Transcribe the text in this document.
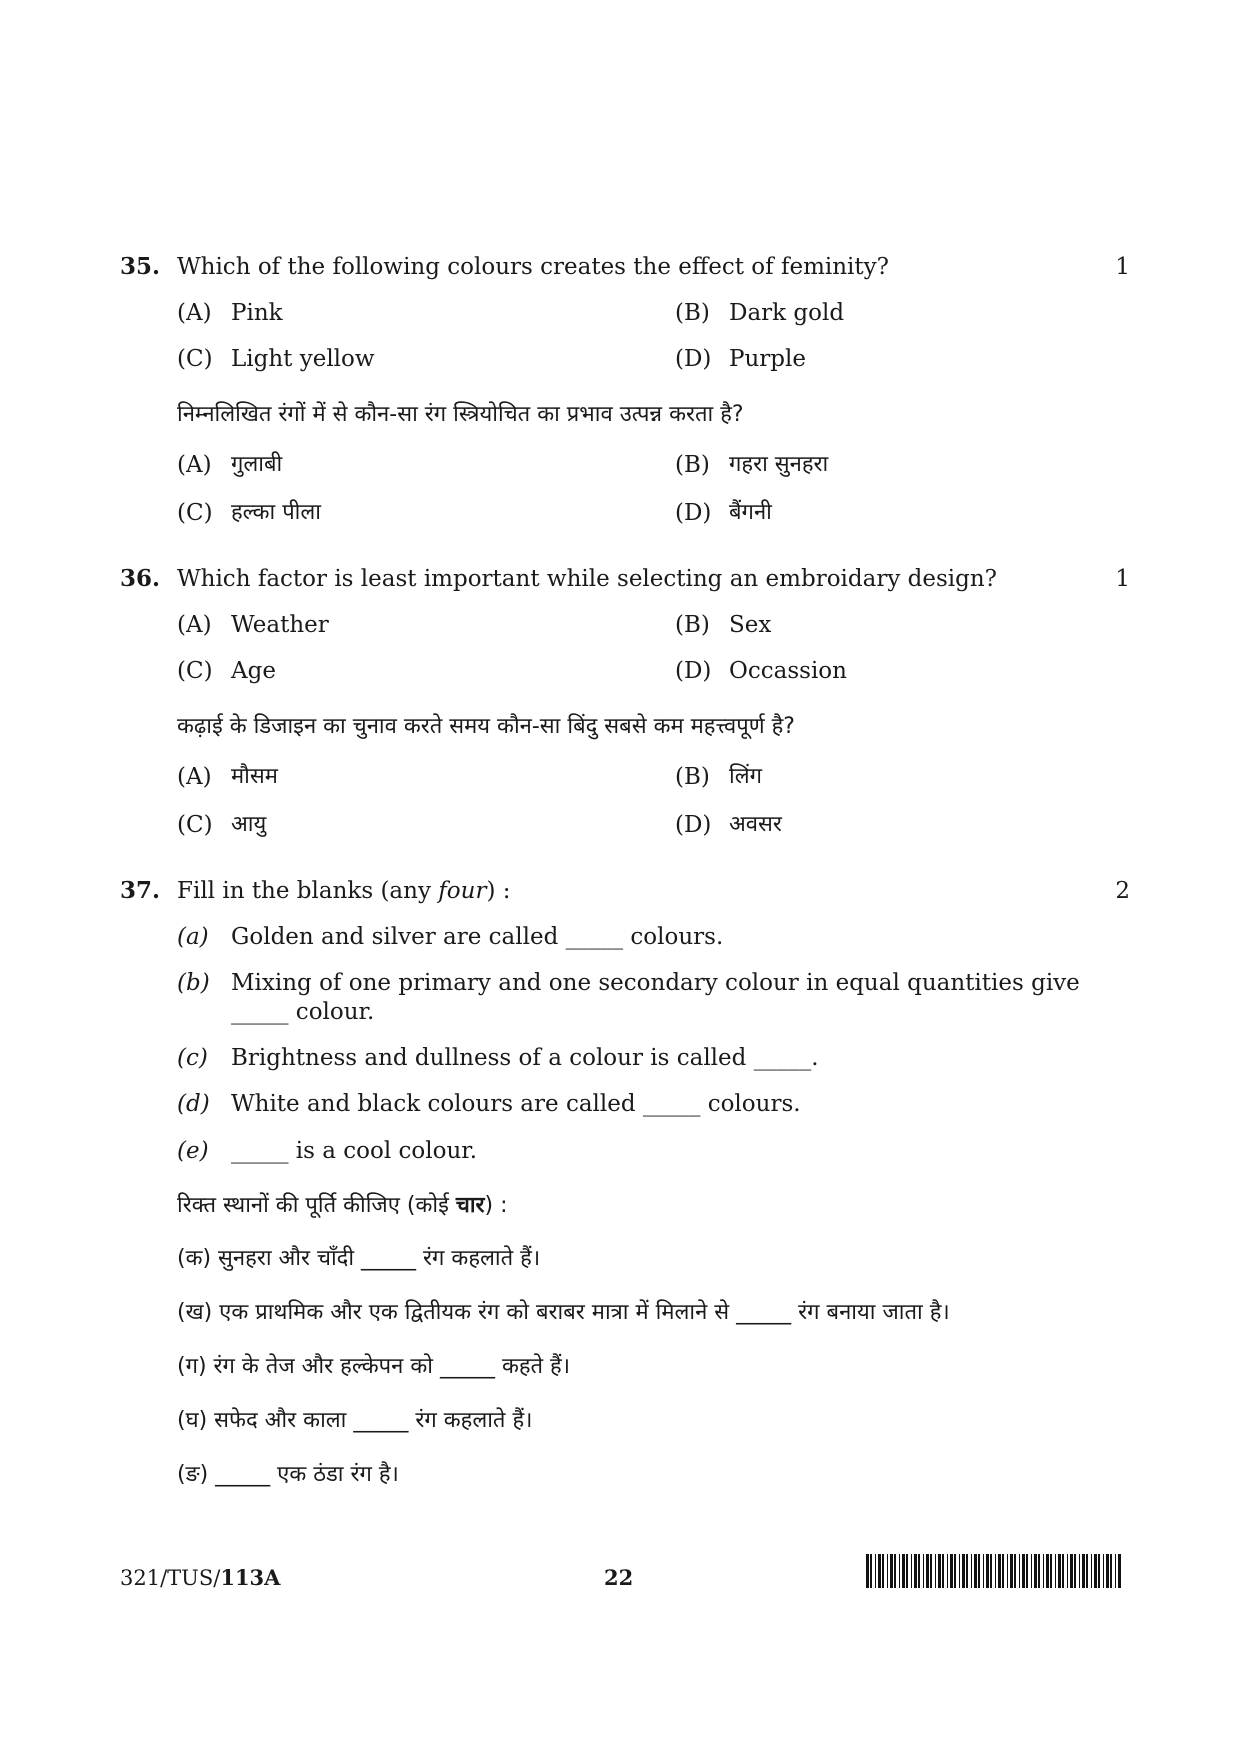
35. Which of the following colours creates the effect of feminity?	1
(A) Pink	(B) Dark gold
(C) Light yellow	(D) Purple
निम्नलिखित रंगों में से कौन-सा रंग स्त्रियोचित का प्रभाव उत्पन्न करता है?
(A) गुलाबी	(B) गहरा सुनहरा
(C) हल्का पीला	(D) बैंगनी
36. Which factor is least important while selecting an embroidary design?	1
(A) Weather	(B) Sex
(C) Age	(D) Occassion
कढ़ाई के डिजाइन का चुनाव करते समय कौन-सा बिंदु सबसे कम महत्त्वपूर्ण है?
(A) मौसम	(B) लिंग
(C) आयु	(D) अवसर
37. Fill in the blanks (any four) :	2
(a) Golden and silver are called _____ colours.
(b) Mixing of one primary and one secondary colour in equal quantities give _____ colour.
(c) Brightness and dullness of a colour is called _____.
(d) White and black colours are called _____ colours.
(e) _____ is a cool colour.
रिक्त स्थानों की पूर्ति कीजिए (कोई चार) :
(क) सुनहरा और चाँदी _____ रंग कहलाते हैं।
(ख) एक प्राथमिक और एक द्वितीयक रंग को बराबर मात्रा में मिलाने से _____ रंग बनाया जाता है।
(ग) रंग के तेज और हल्केपन को _____ कहते हैं।
(घ) सफेद और काला _____ रंग कहलाते हैं।
(ङ) _____ एक ठंडा रंग है।
321/TUS/113A	22
